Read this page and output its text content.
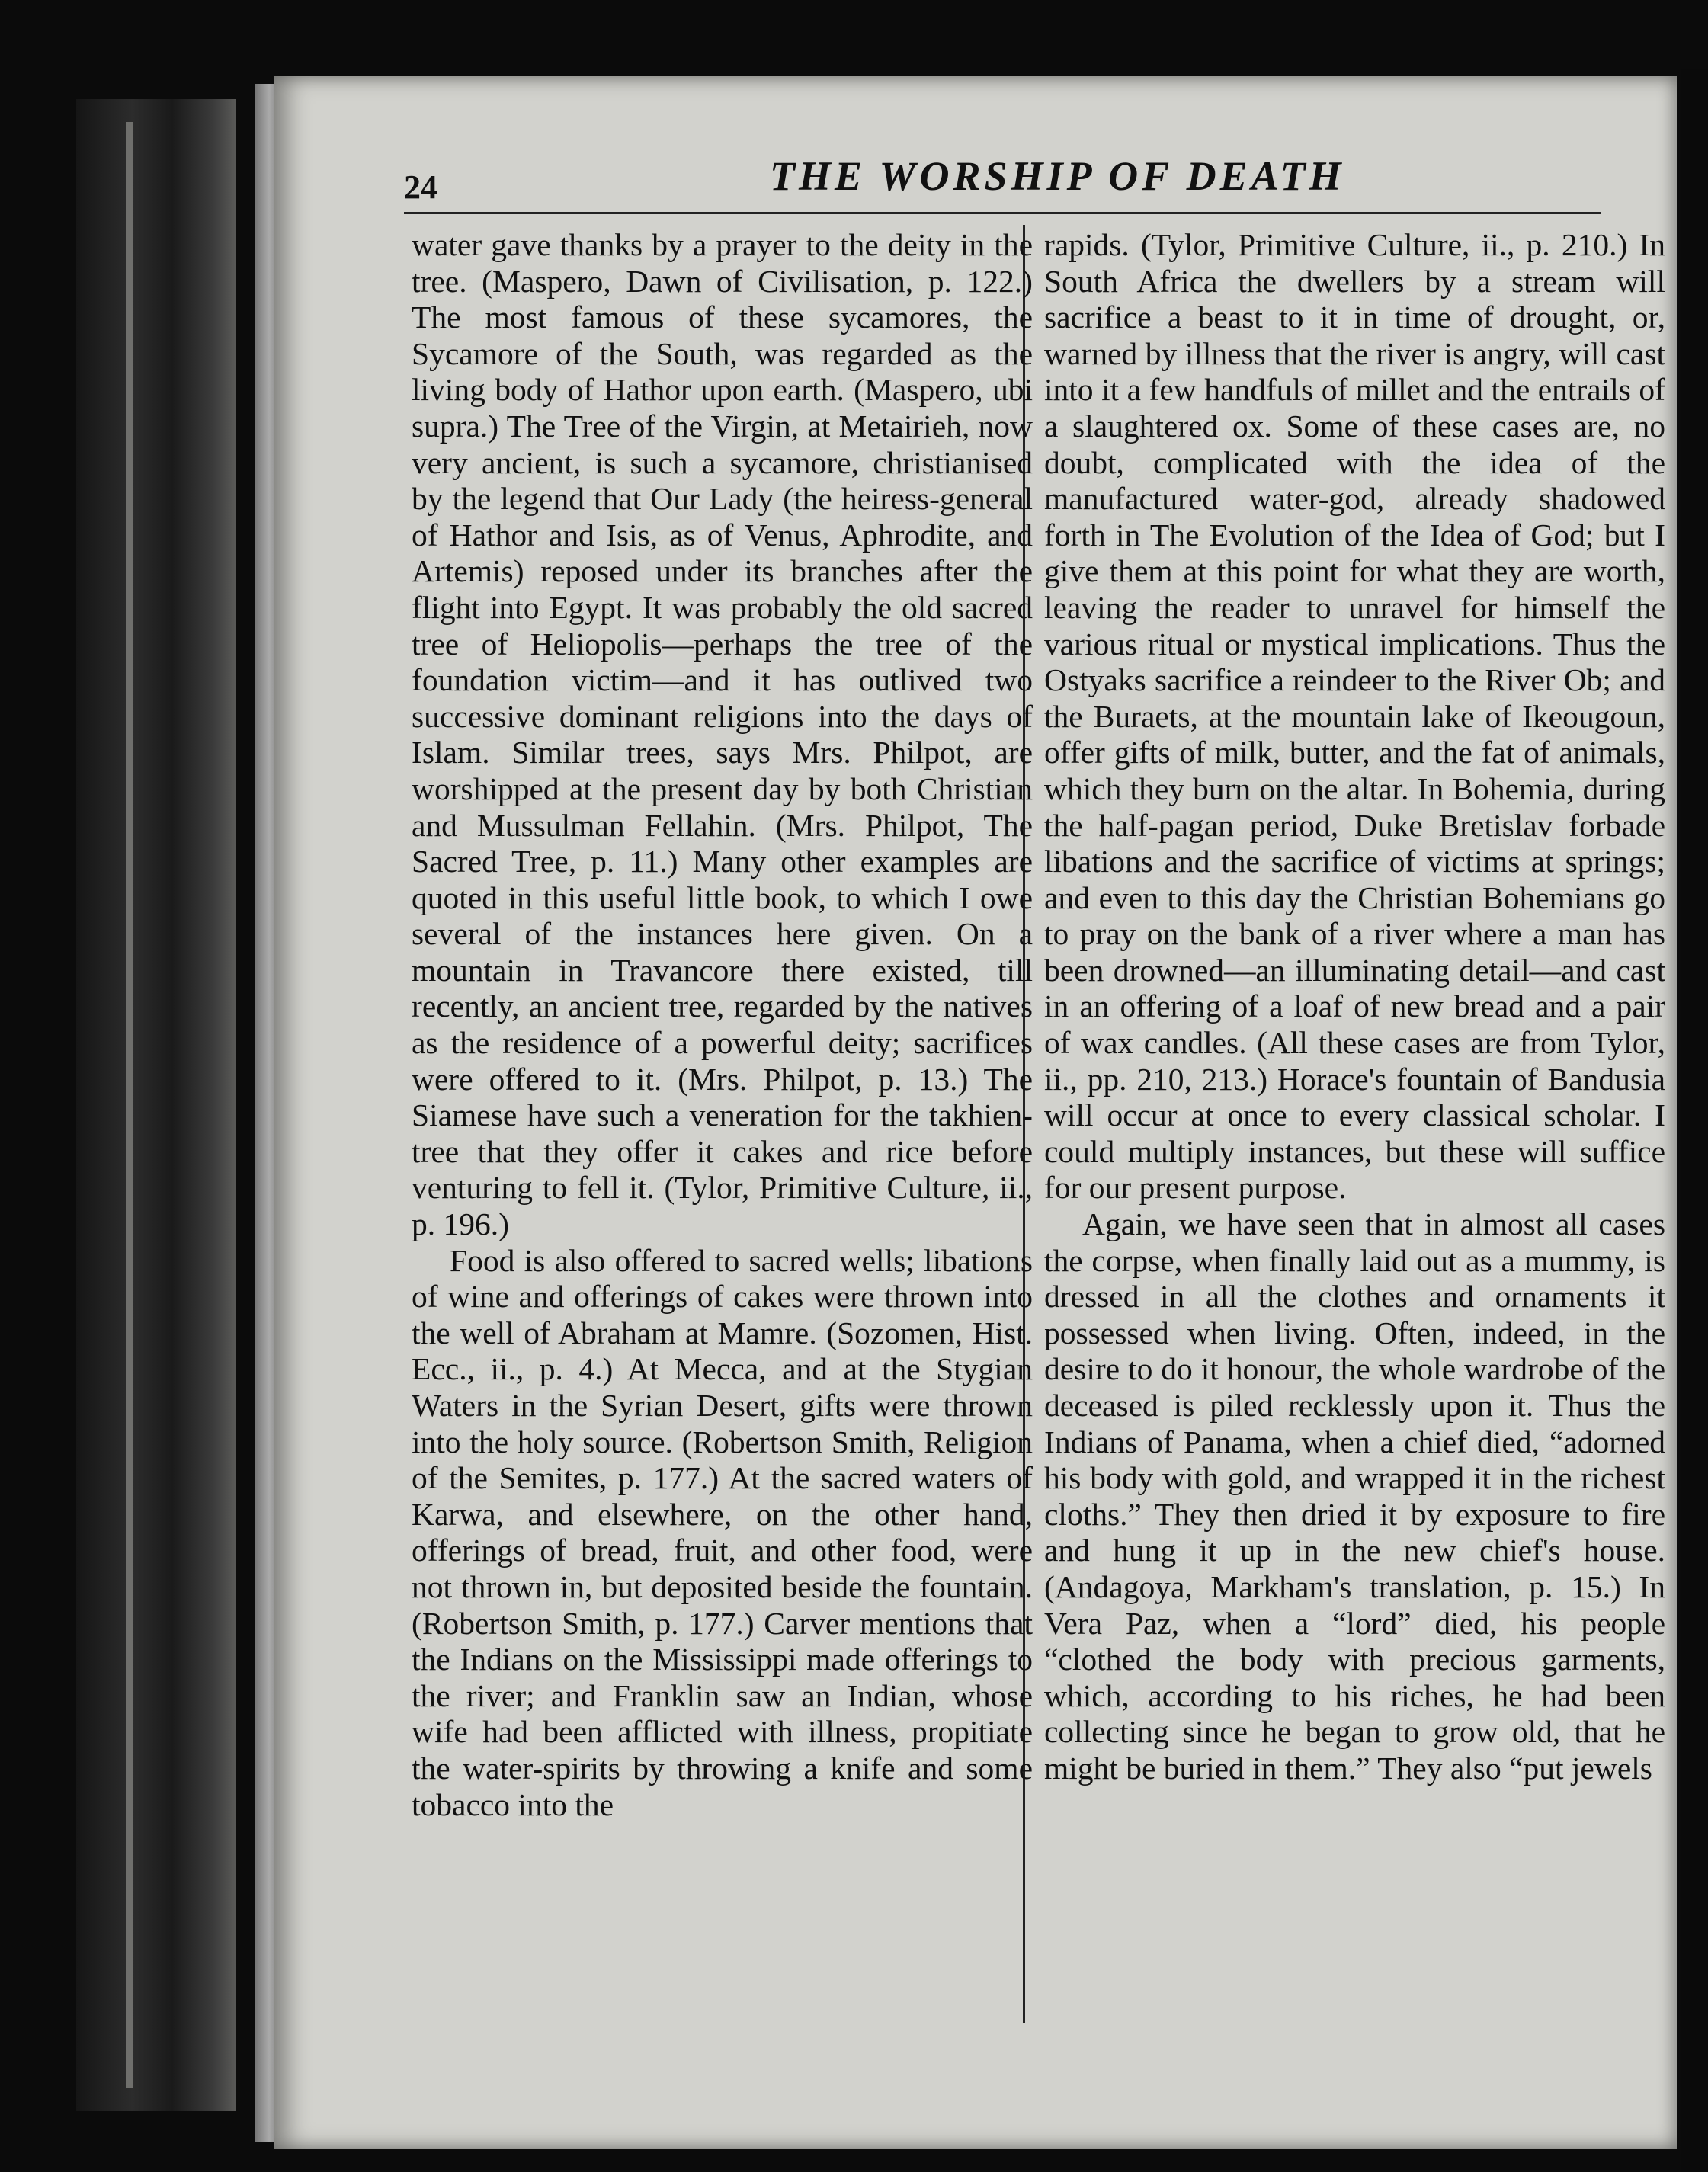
24	THE WORSHIP OF DEATH

water gave thanks by a prayer to the deity in the tree. (Maspero, Dawn of Civilisation, p. 122.) The most famous of these sycamores, the Sycamore of the South, was regarded as the living body of Hathor upon earth. (Maspero, ubi supra.) The Tree of the Virgin, at Metairieh, now very ancient, is such a sycamore, christianised by the legend that Our Lady (the heiress-general of Hathor and Isis, as of Venus, Aphrodite, and Artemis) reposed under its branches after the flight into Egypt. It was probably the old sacred tree of Heliopolis—perhaps the tree of the foundation victim—and it has outlived two successive dominant religions into the days of Islam. Similar trees, says Mrs. Philpot, are worshipped at the present day by both Christian and Mussulman Fellahin. (Mrs. Philpot, The Sacred Tree, p. 11.) Many other examples are quoted in this useful little book, to which I owe several of the instances here given. On a mountain in Travancore there existed, till recently, an ancient tree, regarded by the natives as the residence of a powerful deity; sacrifices were offered to it. (Mrs. Philpot, p. 13.) The Siamese have such a veneration for the takhien-tree that they offer it cakes and rice before venturing to fell it. (Tylor, Primitive Culture, ii., p. 196.)

Food is also offered to sacred wells; libations of wine and offerings of cakes were thrown into the well of Abraham at Mamre. (Sozomen, Hist. Ecc., ii., p. 4.) At Mecca, and at the Stygian Waters in the Syrian Desert, gifts were thrown into the holy source. (Robertson Smith, Religion of the Semites, p. 177.) At the sacred waters of Karwa, and elsewhere, on the other hand, offerings of bread, fruit, and other food, were not thrown in, but deposited beside the fountain. (Robertson Smith, p. 177.) Carver mentions that the Indians on the Mississippi made offerings to the river; and Franklin saw an Indian, whose wife had been afflicted with illness, propitiate the water-spirits by throwing a knife and some tobacco into the

rapids. (Tylor, Primitive Culture, ii., p. 210.) In South Africa the dwellers by a stream will sacrifice a beast to it in time of drought, or, warned by illness that the river is angry, will cast into it a few handfuls of millet and the entrails of a slaughtered ox. Some of these cases are, no doubt, complicated with the idea of the manufactured water-god, already shadowed forth in The Evolution of the Idea of God; but I give them at this point for what they are worth, leaving the reader to unravel for himself the various ritual or mystical implications. Thus the Ostyaks sacrifice a reindeer to the River Ob; and the Buraets, at the mountain lake of Ikeougoun, offer gifts of milk, butter, and the fat of animals, which they burn on the altar. In Bohemia, during the half-pagan period, Duke Bretislav forbade libations and the sacrifice of victims at springs; and even to this day the Christian Bohemians go to pray on the bank of a river where a man has been drowned—an illuminating detail—and cast in an offering of a loaf of new bread and a pair of wax candles. (All these cases are from Tylor, ii., pp. 210, 213.) Horace's fountain of Bandusia will occur at once to every classical scholar. I could multiply instances, but these will suffice for our present purpose.

Again, we have seen that in almost all cases the corpse, when finally laid out as a mummy, is dressed in all the clothes and ornaments it possessed when living. Often, indeed, in the desire to do it honour, the whole wardrobe of the deceased is piled recklessly upon it. Thus the Indians of Panama, when a chief died, “adorned his body with gold, and wrapped it in the richest cloths.” They then dried it by exposure to fire and hung it up in the new chief's house. (Andagoya, Markham's translation, p. 15.) In Vera Paz, when a “lord” died, his people “clothed the body with precious garments, which, according to his riches, he had been collecting since he began to grow old, that he might be buried in them.” They also “put jewels
